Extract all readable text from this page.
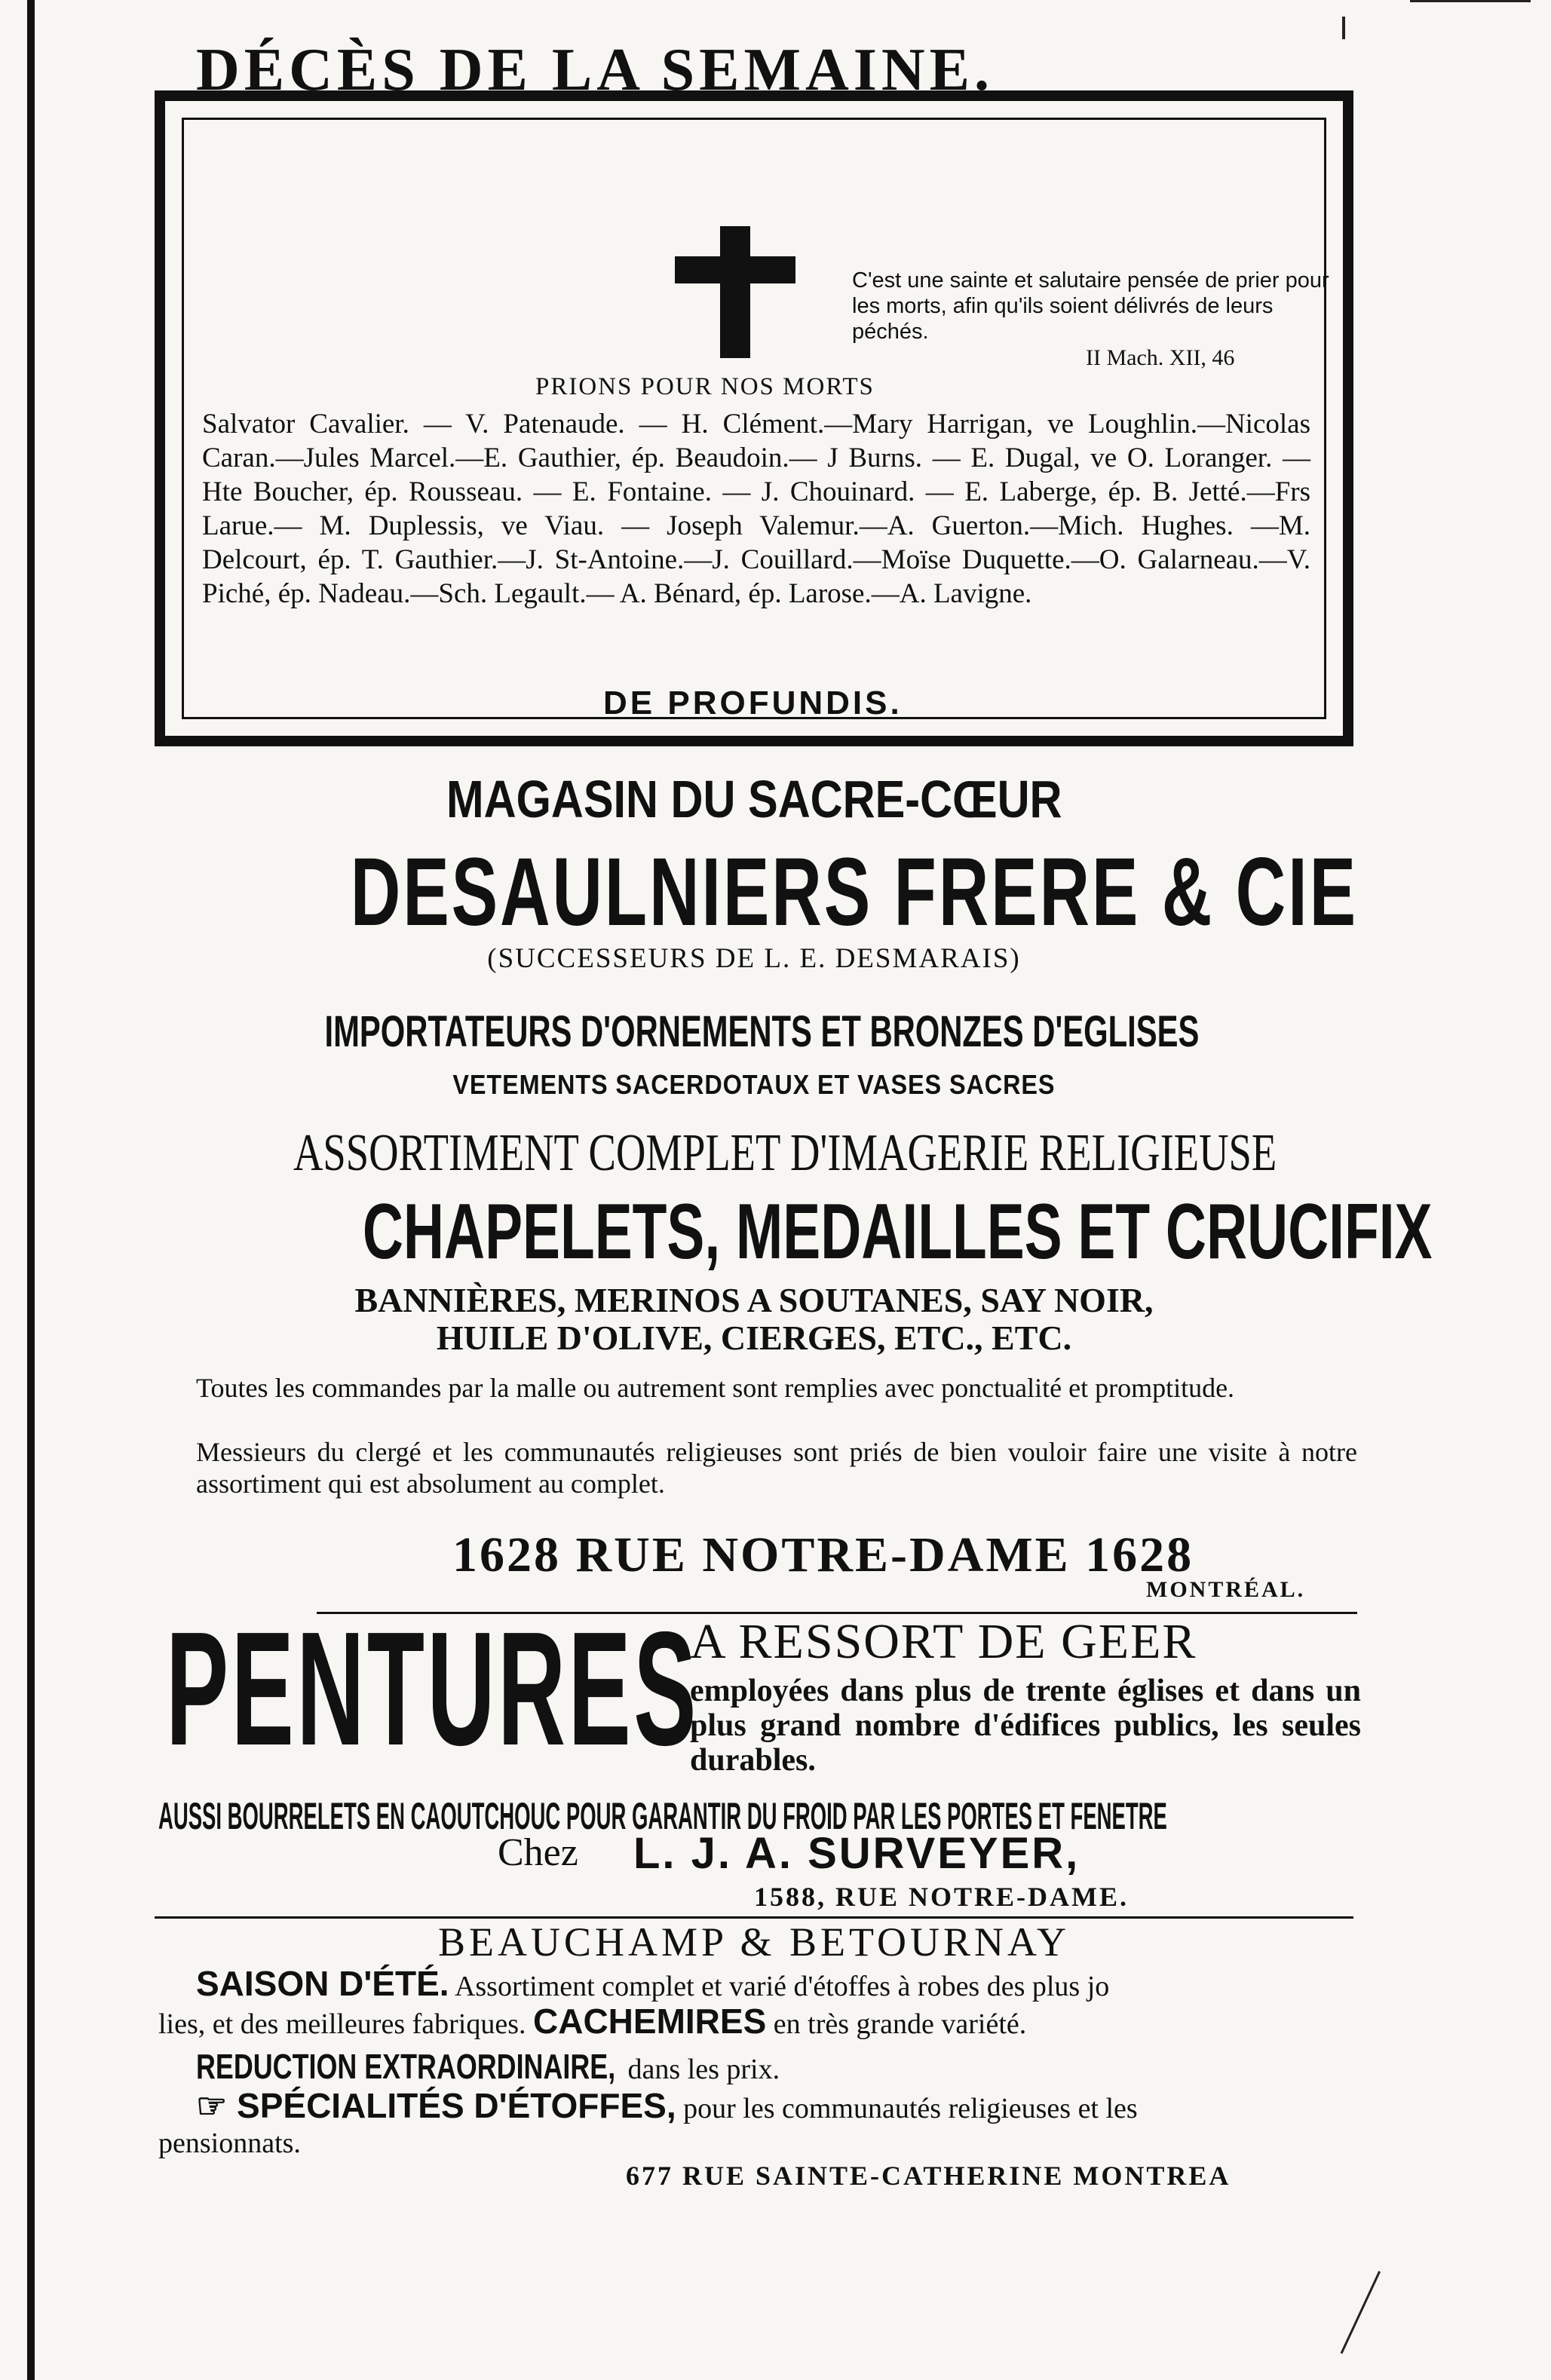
DÉCÈS DE LA SEMAINE.
C'est une sainte et salutaire pensée de prier pour les morts, afin qu'ils soient délivrés de leurs péchés.
II Mach. XII, 46
PRIONS POUR NOS MORTS
Salvator Cavalier. — V. Patenaude. — H. Clément.—Mary Harrigan, ve Loughlin.—Nicolas Caran.—Jules Marcel.—E. Gauthier, ép. Beaudoin.— J Burns. — E. Dugal, ve O. Loranger. — Hte Boucher, ép. Rousseau. — E. Fontaine. — J. Chouinard. — E. Laberge, ép. B. Jetté.—Frs Larue.— M. Duplessis, ve Viau. — Joseph Valemur.—A. Guerton.—Mich. Hughes. —M. Delcourt, ép. T. Gauthier.—J. St-Antoine.—J. Couillard.—Moïse Duquette.—O. Galarneau.—V. Piché, ép. Nadeau.—Sch. Legault.— A. Bénard, ép. Larose.—A. Lavigne.
DE PROFUNDIS.
MAGASIN DU SACRE-CŒUR
DESAULNIERS FRERE & CIE
(SUCCESSEURS DE L. E. DESMARAIS)
IMPORTATEURS D'ORNEMENTS ET BRONZES D'EGLISES
VETEMENTS SACERDOTAUX ET VASES SACRES
ASSORTIMENT COMPLET D'IMAGERIE RELIGIEUSE
CHAPELETS, MEDAILLES ET CRUCIFIX
BANNIÈRES, MERINOS A SOUTANES, SAY NOIR,
HUILE D'OLIVE, CIERGES, ETC., ETC.
Toutes les commandes par la malle ou autrement sont remplies avec ponctualité et promptitude.
Messieurs du clergé et les communautés religieuses sont priés de bien vouloir faire une visite à notre assortiment qui est absolument au complet.
1628 RUE NOTRE-DAME 1628
MONTRÉAL.
PENTURES
A RESSORT DE GEER
employées dans plus de trente églises et dans un plus grand nombre d'édifices publics, les seules durables.
AUSSI BOURRELETS EN CAOUTCHOUC POUR GARANTIR DU FROID PAR LES PORTES ET FENETRE
Chez L. J. A. SURVEYER,
1588, RUE NOTRE-DAME.
BEAUCHAMP & BETOURNAY
SAISON D'ÉTÉ. Assortiment complet et varié d'étoffes à robes des plus jo
lies, et des meilleures fabriques. CACHEMIRES en très grande variété.
REDUCTION EXTRAORDINAIRE, dans les prix.
☞ SPÉCIALITÉS D'ÉTOFFES, pour les communautés religieuses et les
pensionnats.
677 RUE SAINTE-CATHERINE MONTREA
